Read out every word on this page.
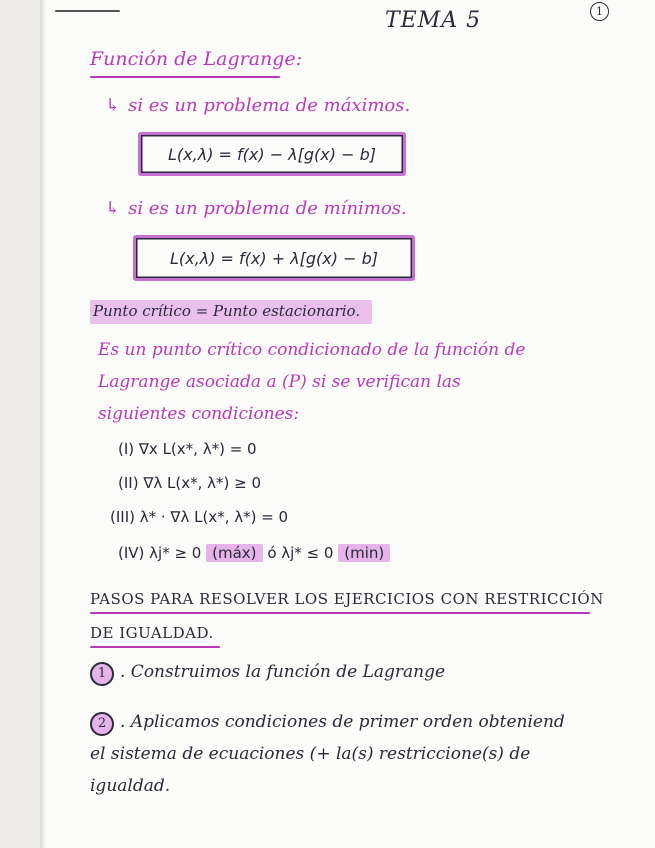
TEMA 5	1
Función de Lagrange:
↳ si es un problema de máximos.
L(x,λ) = f(x) − λ[g(x) − b]
↳ si es un problema de mínimos.
L(x,λ) = f(x) + λ[g(x) − b]
Punto crítico = Punto estacionario.
Es un punto crítico condicionado de la función de
Lagrange asociada a (P) si se verifican las
siguientes condiciones:
(I) ∇x L(x*, λ*) = 0
(II) ∇λ L(x*, λ*) ≥ 0
(III) λ* · ∇λ L(x*, λ*) = 0
(IV) λj* ≥ 0 (máx) ó λj* ≤ 0 (min)
PASOS PARA RESOLVER LOS EJERCICIOS CON RESTRICCIÓN
DE IGUALDAD.
1 . Construimos la función de Lagrange
2 . Aplicamos condiciones de primer orden obteniend
el sistema de ecuaciones (+ la(s) restriccione(s) de
igualdad.
